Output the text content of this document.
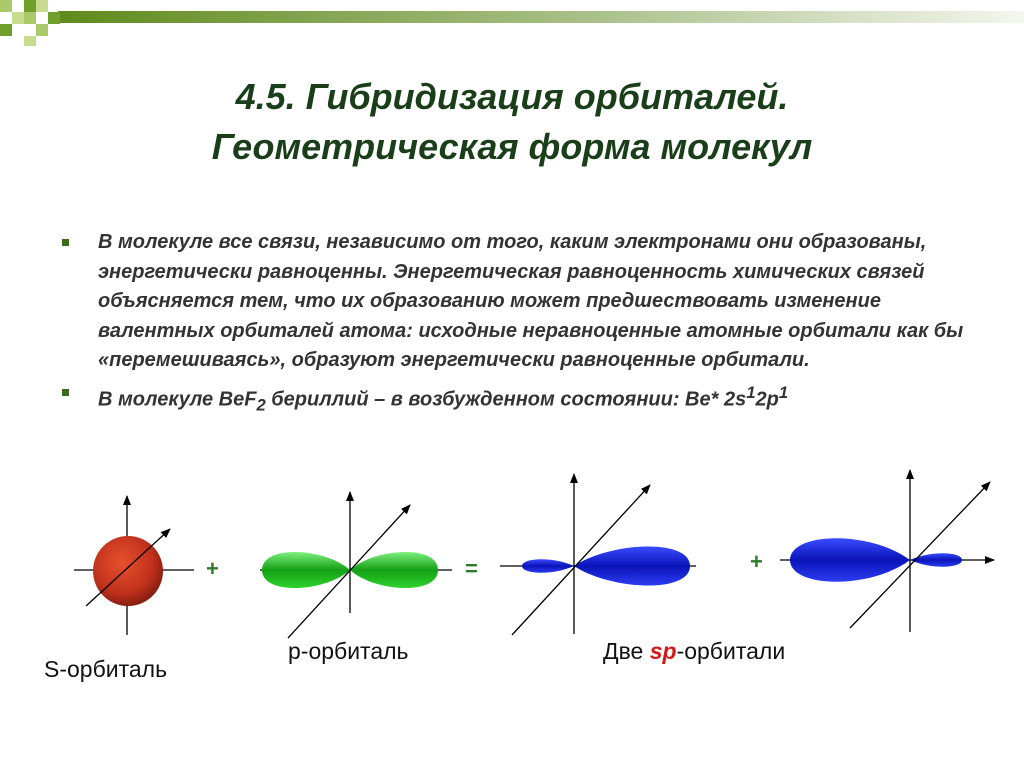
4.5. Гибридизация орбиталей.
Геометрическая форма молекул
В молекуле все связи, независимо от того, каким электронами они образованы, энергетически равноценны. Энергетическая равноценность химических связей объясняется тем, что их образованию может предшествовать изменение валентных орбиталей атома: исходные неравноценные атомные орбитали как бы «перемешиваясь», образуют энергетически равноценные орбитали.
В молекуле BeF$_2$ бериллий – в возбужденном состоянии: Be* $2s^12p^1$
+	=	+
S-орбиталь
p-орбиталь	Две sp-орбитали
